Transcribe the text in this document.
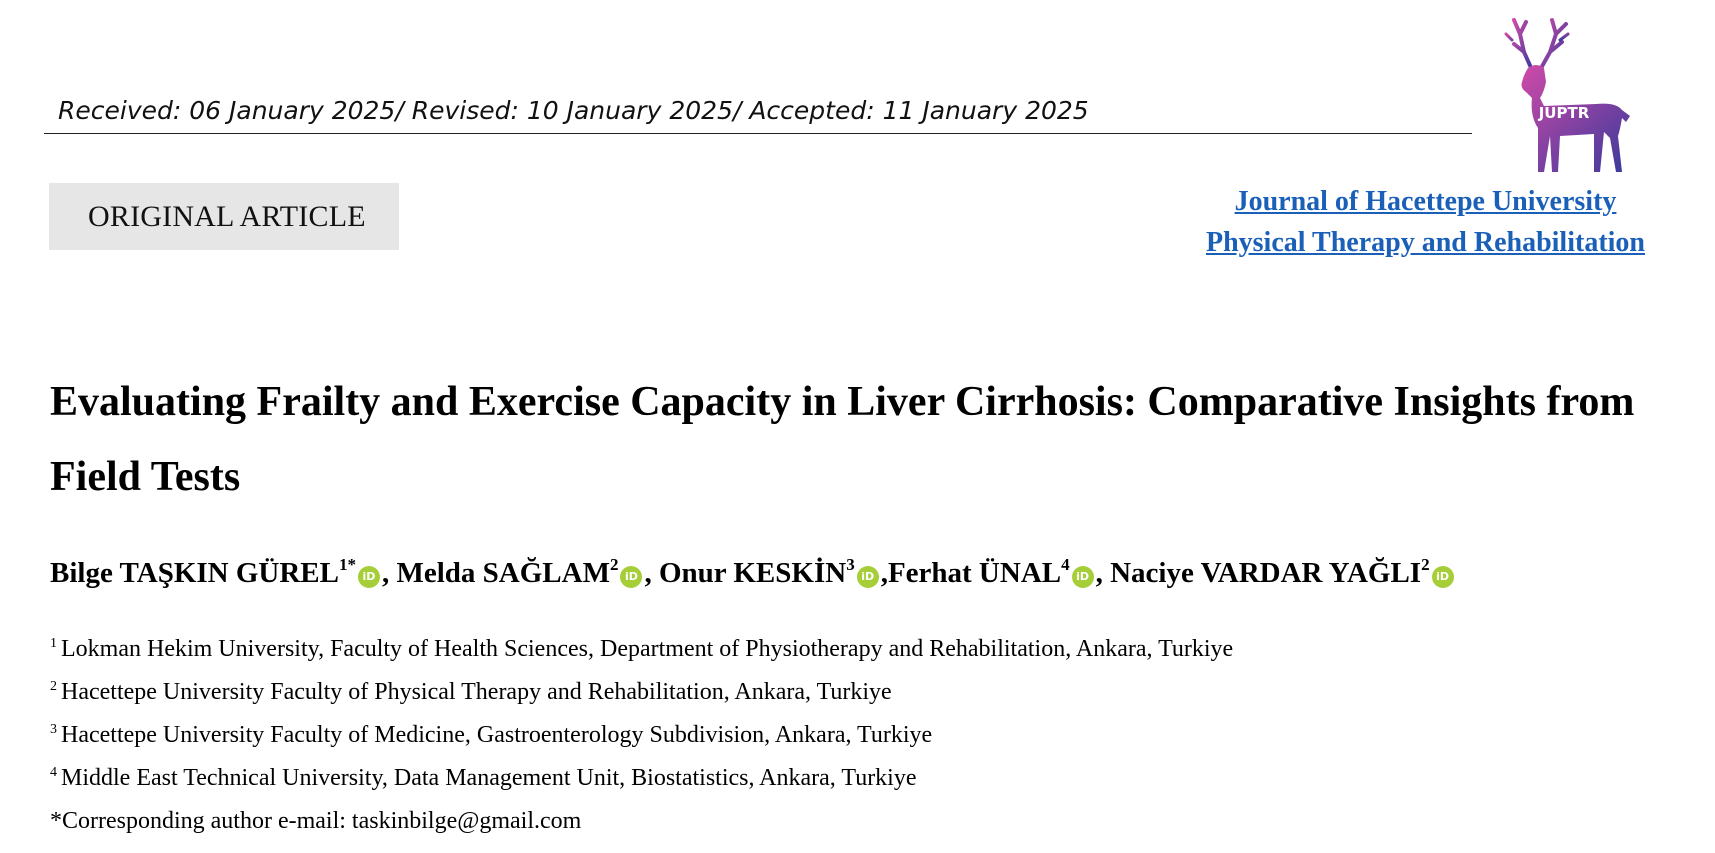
Received: 06 January 2025/ Revised: 10 January 2025/ Accepted: 11 January 2025	JUPTR
ORIGINAL ARTICLE	Journal of Hacettepe University
Physical Therapy and Rehabilitation
Evaluating Frailty and Exercise Capacity in Liver Cirrhosis: Comparative Insights from Field Tests
Bilge TAŞKIN $GÜREL^{1*}iD$ , Melda SAĞLAM$^2$iD , Onur KESKİN$^3$iD ,Ferhat ÜNAL$^4$iD , Naciye VARDAR YAĞLI$^2$iD
$^1$ Lokman Hekim University, Faculty of Health Sciences, Department of Physiotherapy and Rehabilitation, Ankara, Turkiye
$^2$ Hacettepe University Faculty of Physical Therapy and Rehabilitation, Ankara, Turkiye
$^3$ Hacettepe University Faculty of Medicine, Gastroenterology Subdivision, Ankara, Turkiye
$^4$ Middle East Technical University, Data Management Unit, Biostatistics, Ankara, Turkiye
*Corresponding author e-mail: taskinbilge@gmail.com
